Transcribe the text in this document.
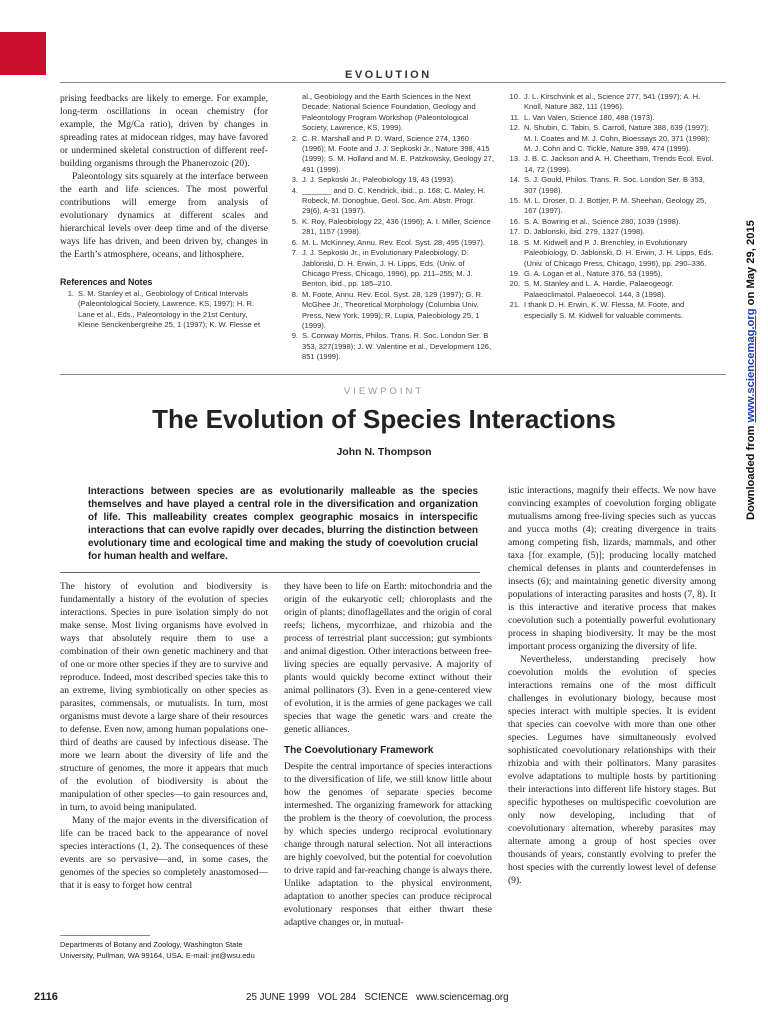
EVOLUTION

prising feedbacks are likely to emerge. For example, long-term oscillations in ocean chemistry (for example, the Mg/Ca ratio), driven by changes in spreading rates at midocean ridges, may have favored or undermined skeletal construction of different reef-building organisms through the Phanerozoic (20).

Paleontology sits squarely at the interface between the earth and life sciences. The most powerful contributions will emerge from analysis of evolutionary dynamics at different scales and hierarchical levels over deep time and of the diverse ways life has driven, and been driven by, changes in the Earth’s atmosphere, oceans, and lithosphere.

References and Notes
1. S. M. Stanley et al., Geobiology of Critical Intervals (Paleontological Society, Lawrence, KS, 1997); H. R. Lane et al., Eds., Paleontology in the 21st Century, Kleine Senckenbergreihe 25, 1 (1997); K. W. Flesse et
al., Geobiology and the Earth Sciences in the Next Decade: National Science Foundation, Geology and Paleontology Program Workshop (Paleontological Society, Lawrence, KS, 1999).
2. C. R. Marshall and P. D. Ward, Science 274, 1360 (1996); M. Foote and J. J. Sepkoski Jr., Nature 398, 415 (1999); S. M. Holland and M. E. Patzkowsky, Geology 27, 491 (1999).
3. J. J. Sepkoski Jr., Paleobiology 19, 43 (1993).
4. _______ and D. C. Kendrick, ibid., p. 168; C. Maley, H. Robeck, M. Donoghue, Geol. Soc. Am. Abstr. Progr. 29(6), A-31 (1997).
5. K. Roy, Paleobiology 22, 436 (1996); A. I. Miller, Science 281, 1157 (1998).
6. M. L. McKinney, Annu. Rev. Ecol. Syst. 28, 495 (1997).
7. J. J. Sepkoski Jr., in Evolutionary Paleobiology, D. Jablonski, D. H. Erwin, J. H. Lipps, Eds. (Univ. of Chicago Press, Chicago, 1996), pp. 211–255; M. J. Benton, ibid., pp. 185–210.
8. M. Foote, Annu. Rev. Ecol. Syst. 28, 129 (1997); G. R. McGhee Jr., Theoretical Morphology (Columbia Univ. Press, New York, 1999); R. Lupia, Paleobiology 25, 1 (1999).
9. S. Conway Morris, Philos. Trans. R. Soc. London Ser. B 353, 327(1998); J. W. Valentine et al., Development 126, 851 (1999).
10. J. L. Kirschvink et al., Science 277, 541 (1997); A. H. Knoll, Nature 382, 111 (1996).
11. L. Van Valen, Science 180, 488 (1973).
12. N. Shubin, C. Tabin, S. Carroll, Nature 388, 639 (1997); M. I. Coates and M. J. Cohn, Bioessays 20, 371 (1998); M. J. Cohn and C. Tickle, Nature 399, 474 (1999).
13. J. B. C. Jackson and A. H. Cheetham, Trends Ecol. Evol. 14, 72 (1999).
14. S. J. Gould, Philos. Trans. R. Soc. London Ser. B 353, 307 (1998).
15. M. L. Droser, D. J. Bottjer, P. M. Sheehan, Geology 25, 167 (1997).
16. S. A. Bowring et al., Science 280, 1039 (1998).
17. D. Jablonski, ibid. 279, 1327 (1998).
18. S. M. Kidwell and P. J. Brenchley, in Evolutionary Paleobiology, D. Jablonski, D. H. Erwin, J. H. Lipps, Eds. (Univ. of Chicago Press, Chicago, 1996), pp. 290–336.
19. G. A. Logan et al., Nature 376, 53 (1995).
20. S. M. Stanley and L. A. Hardie, Palaeogeogr. Palaeoclimatol. Palaeoecol. 144, 3 (1998).
21. I thank D. H. Erwin, K. W. Flessa, M. Foote, and especially S. M. Kidwell for valuable comments.
VIEWPOINT
The Evolution of Species Interactions
John N. Thompson
Interactions between species are as evolutionarily malleable as the species themselves and have played a central role in the diversification and organization of life. This malleability creates complex geographic mosaics in interspecific interactions that can evolve rapidly over decades, blurring the distinction between evolutionary time and ecological time and making the study of coevolution crucial for human health and welfare.

The history of evolution and biodiversity is fundamentally a history of the evolution of species interactions. Species in pure isolation simply do not make sense. Most living organisms have evolved in ways that absolutely require them to use a combination of their own genetic machinery and that of one or more other species if they are to survive and reproduce. Indeed, most described species take this to an extreme, living symbiotically on other species as parasites, commensals, or mutualists. In turn, most organisms must devote a large share of their resources to defense. Even now, among human populations one-third of deaths are caused by infectious disease. The more we learn about the diversity of life and the structure of genomes, the more it appears that much of the evolution of biodiversity is about the manipulation of other species—to gain resources and, in turn, to avoid being manipulated.

Many of the major events in the diversification of life can be traced back to the appearance of novel species interactions (1, 2). The consequences of these events are so pervasive—and, in some cases, the genomes of the species so completely anastomosed—that it is easy to forget how central

Departments of Botany and Zoology, Washington State University, Pullman, WA 99164, USA. E-mail: jnt@wsu.edu

they have been to life on Earth: mitochondria and the origin of the eukaryotic cell; chloroplasts and the origin of plants; dinoflagellates and the origin of coral reefs; lichens, mycorrhizae, and rhizobia and the process of terrestrial plant succession; gut symbionts and animal digestion. Other interactions between free-living species are equally pervasive. A majority of plants would quickly become extinct without their animal pollinators (3). Even in a gene-centered view of evolution, it is the armies of gene packages we call species that wage the genetic wars and create the genetic alliances.

The Coevolutionary Framework

Despite the central importance of species interactions to the diversification of life, we still know little about how the genomes of separate species become intermeshed. The organizing framework for attacking the problem is the theory of coevolution, the process by which species undergo reciprocal evolutionary change through natural selection. Not all interactions are highly coevolved, but the potential for coevolution to drive rapid and far-reaching change is always there. Unlike adaptation to the physical environment, adaptation to another species can produce reciprocal evolutionary responses that either thwart these adaptive changes or, in mutual-

istic interactions, magnify their effects. We now have convincing examples of coevolution forging obligate mutualisms among free-living species such as yuccas and yucca moths (4); creating divergence in traits among competing fish, lizards, mammals, and other taxa [for example, (5)]; producing locally matched chemical defenses in plants and counterdefenses in insects (6); and maintaining genetic diversity among populations of interacting parasites and hosts (7, 8). It is this interactive and iterative process that makes coevolution such a potentially powerful evolutionary process in shaping biodiversity. It may be the most important process organizing the diversity of life.

Nevertheless, understanding precisely how coevolution molds the evolution of species interactions remains one of the most difficult challenges in evolutionary biology, because most species interact with multiple species. It is evident that species can coevolve with more than one other species. Legumes have simultaneously evolved sophisticated coevolutionary relationships with their rhizobia and with their pollinators. Many parasites evolve adaptations to multiple hosts by partitioning their interactions into different life history stages. But specific hypotheses on multispecific coevolution are only now developing, including that of coevolutionary alternation, whereby parasites may alternate among a group of host species over thousands of years, constantly evolving to prefer the host species with the currently lowest level of defense (9).

Downloaded from www.sciencemag.org on May 29, 2015
2116	25 JUNE 1999   VOL 284   SCIENCE   www.sciencemag.org
